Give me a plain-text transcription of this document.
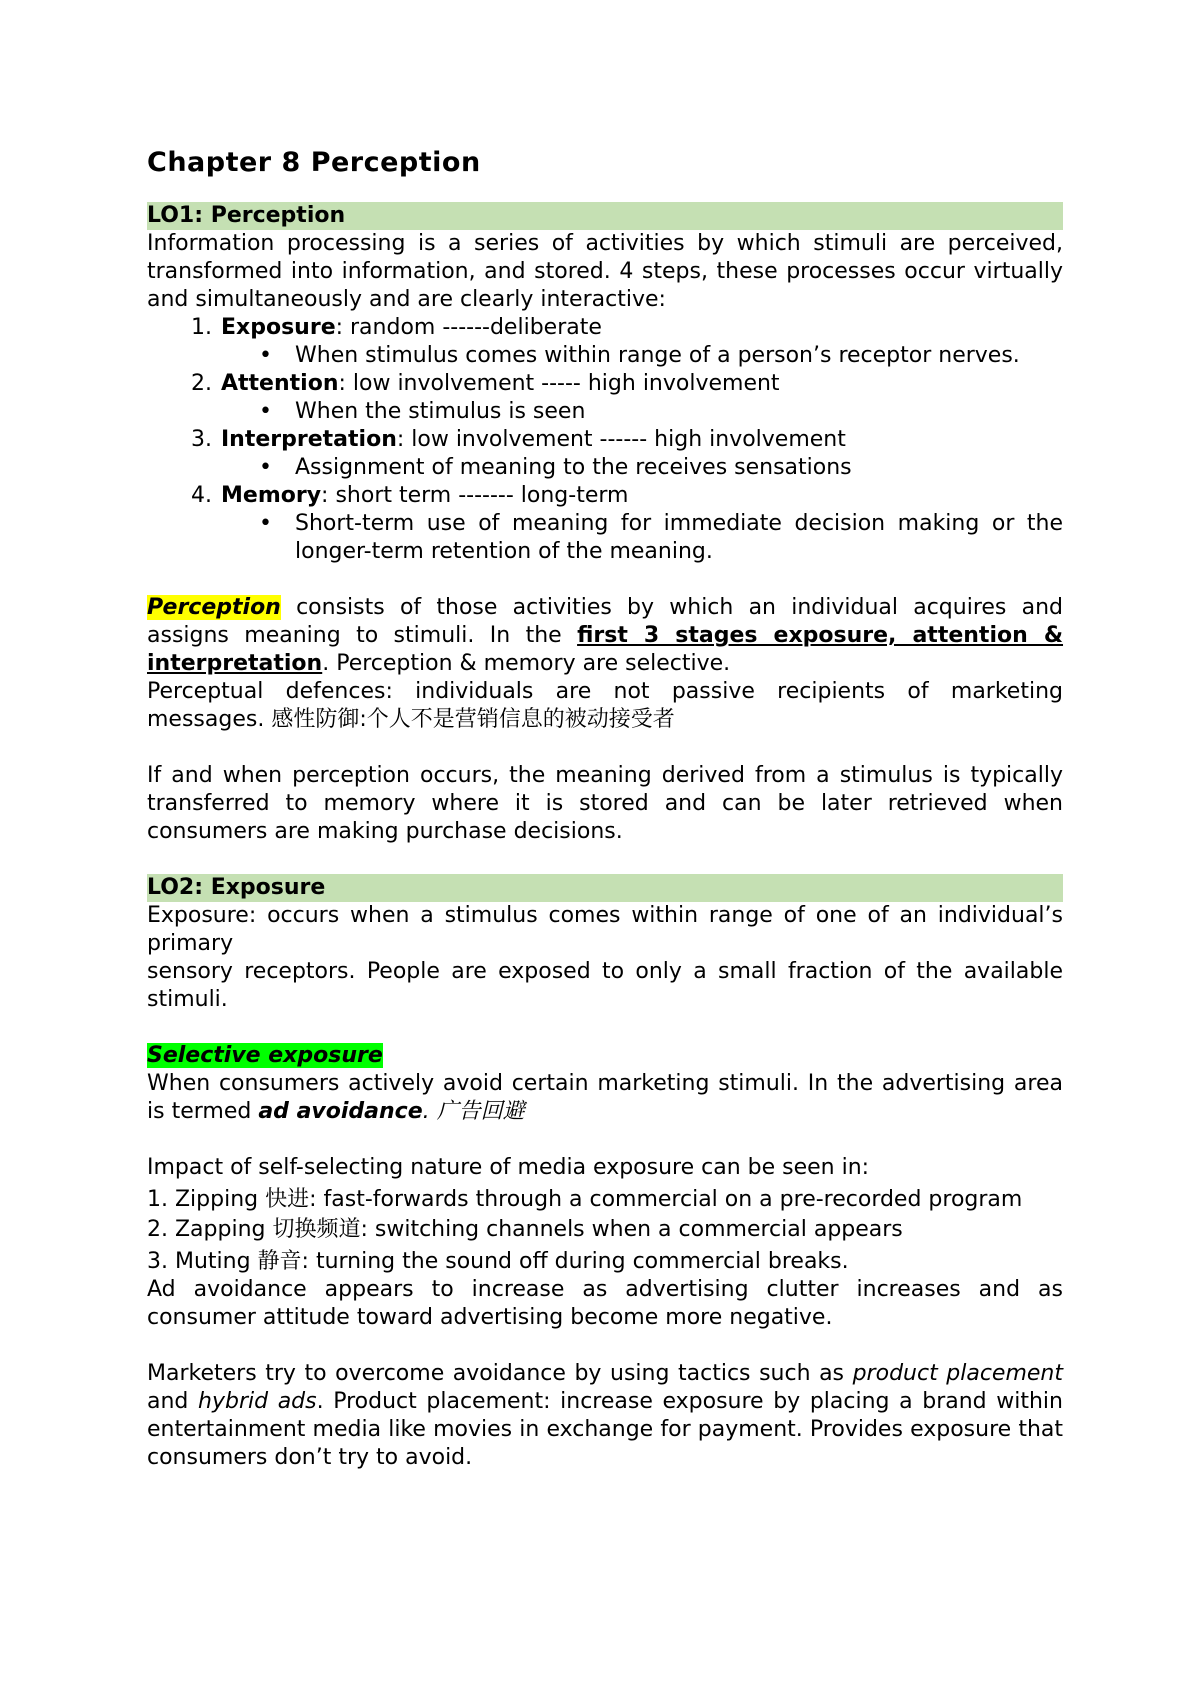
Chapter 8 Perception
LO1: Perception

Information processing is a series of activities by which stimuli are perceived, transformed into information, and stored. 4 steps, these processes occur virtually and simultaneously and are clearly interactive:

1. Exposure: random ------deliberate
• When stimulus comes within range of a person’s receptor nerves.
2. Attention: low involvement ----- high involvement
• When the stimulus is seen
3. Interpretation: low involvement ------ high involvement
• Assignment of meaning to the receives sensations
4. Memory: short term ------- long-term
• Short-term use of meaning for immediate decision making or the longer-term retention of the meaning.

Perception consists of those activities by which an individual acquires and assigns meaning to stimuli. In the first 3 stages exposure, attention & interpretation. Perception & memory are selective.

Perceptual defences: individuals are not passive recipients of marketing messages. 感性防御:个人不是营销信息的被动接受者

If and when perception occurs, the meaning derived from a stimulus is typically transferred to memory where it is stored and can be later retrieved when consumers are making purchase decisions.

LO2: Exposure

Exposure: occurs when a stimulus comes within range of one of an individual’s primary

sensory receptors. People are exposed to only a small fraction of the available stimuli.

Selective exposure

When consumers actively avoid certain marketing stimuli. In the advertising area is termed ad avoidance. 广告回避

Impact of self-selecting nature of media exposure can be seen in:

1. Zipping 快进: fast-forwards through a commercial on a pre-recorded program

2. Zapping 切换频道: switching channels when a commercial appears

3. Muting 静音: turning the sound off during commercial breaks.

Ad avoidance appears to increase as advertising clutter increases and as consumer attitude toward advertising become more negative.

Marketers try to overcome avoidance by using tactics such as product placement and hybrid ads. Product placement: increase exposure by placing a brand within entertainment media like movies in exchange for payment. Provides exposure that consumers don’t try to avoid.
